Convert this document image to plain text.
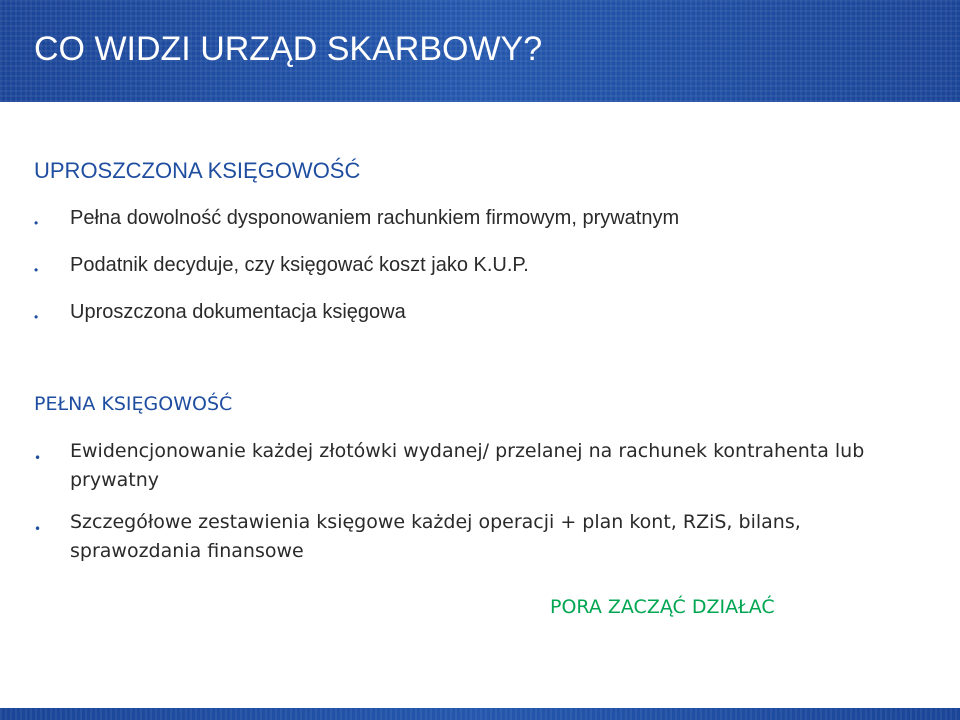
CO WIDZI URZĄD SKARBOWY?
UPROSZCZONA KSIĘGOWOŚĆ
• Pełna dowolność dysponowaniem rachunkiem firmowym, prywatnym
• Podatnik decyduje, czy księgować koszt jako K.U.P.
• Uproszczona dokumentacja księgowa
PEŁNA KSIĘGOWOŚĆ
• Ewidencjonowanie każdej złotówki wydanej/ przelanej na rachunek kontrahenta lub prywatny
• Szczegółowe zestawienia księgowe każdej operacji + plan kont, RZiS, bilans, sprawozdania finansowe

PORA ZACZĄĆ DZIAŁAĆ
